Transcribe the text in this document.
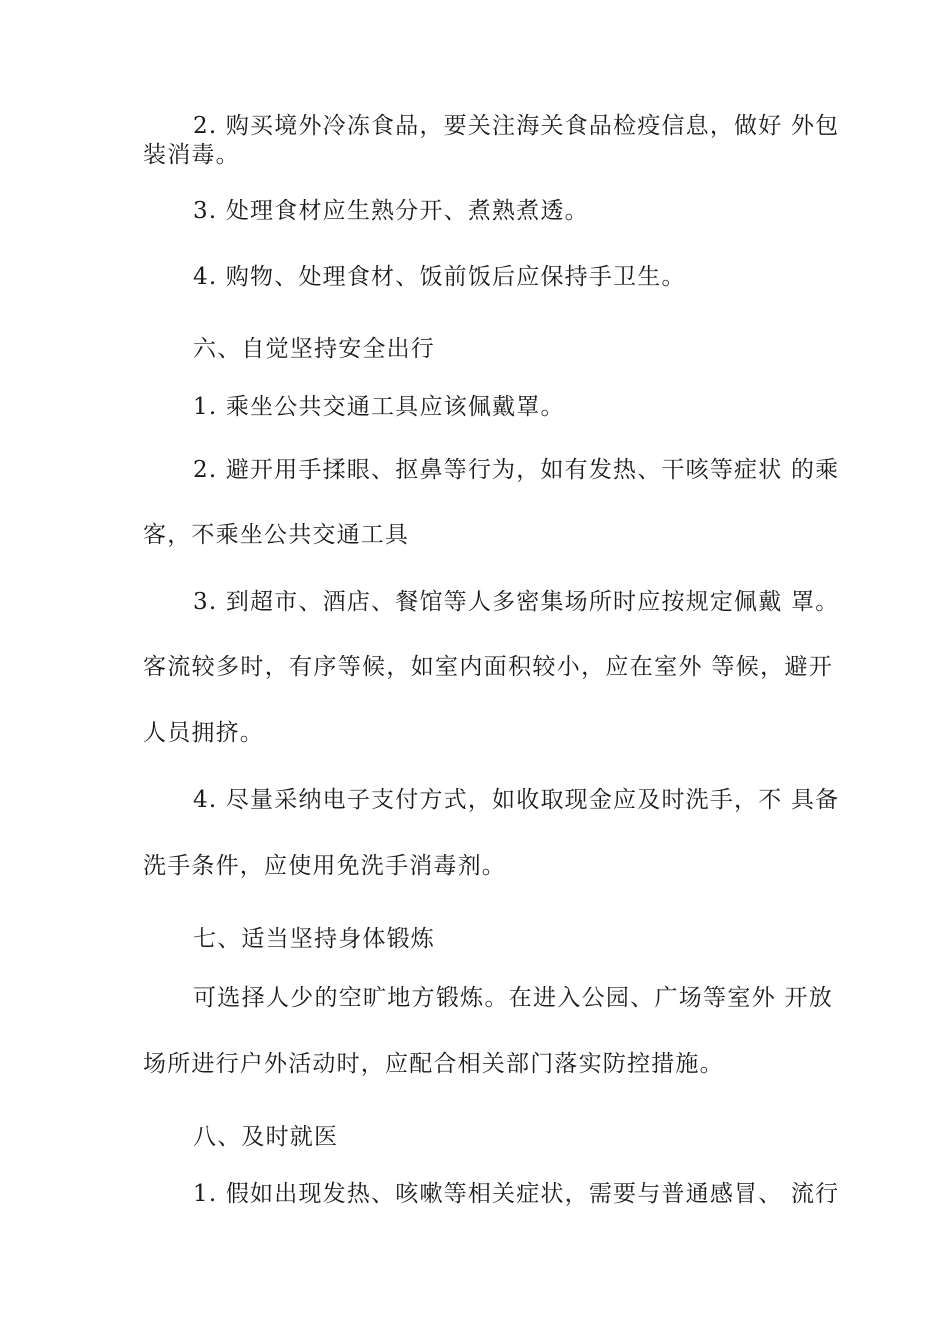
2. 购买境外冷冻食品，要关注海关食品检疫信息，做好 外包
装消毒。
3. 处理食材应生熟分开、煮熟煮透。
4. 购物、处理食材、饭前饭后应保持手卫生。
六、自觉坚持安全出行
1. 乘坐公共交通工具应该佩戴罩。
2. 避开用手揉眼、抠鼻等行为，如有发热、干咳等症状 的乘
客，不乘坐公共交通工具
3. 到超市、酒店、餐馆等人多密集场所时应按规定佩戴 罩。
客流较多时，有序等候，如室内面积较小，应在室外 等候，避开
人员拥挤。
4. 尽量采纳电子支付方式，如收取现金应及时洗手，不 具备
洗手条件，应使用免洗手消毒剂。
七、适当坚持身体锻炼
可选择人少的空旷地方锻炼。在进入公园、广场等室外 开放
场所进行户外活动时，应配合相关部门落实防控措施。
八、及时就医
1. 假如出现发热、咳嗽等相关症状，需要与普通感冒、 流行
